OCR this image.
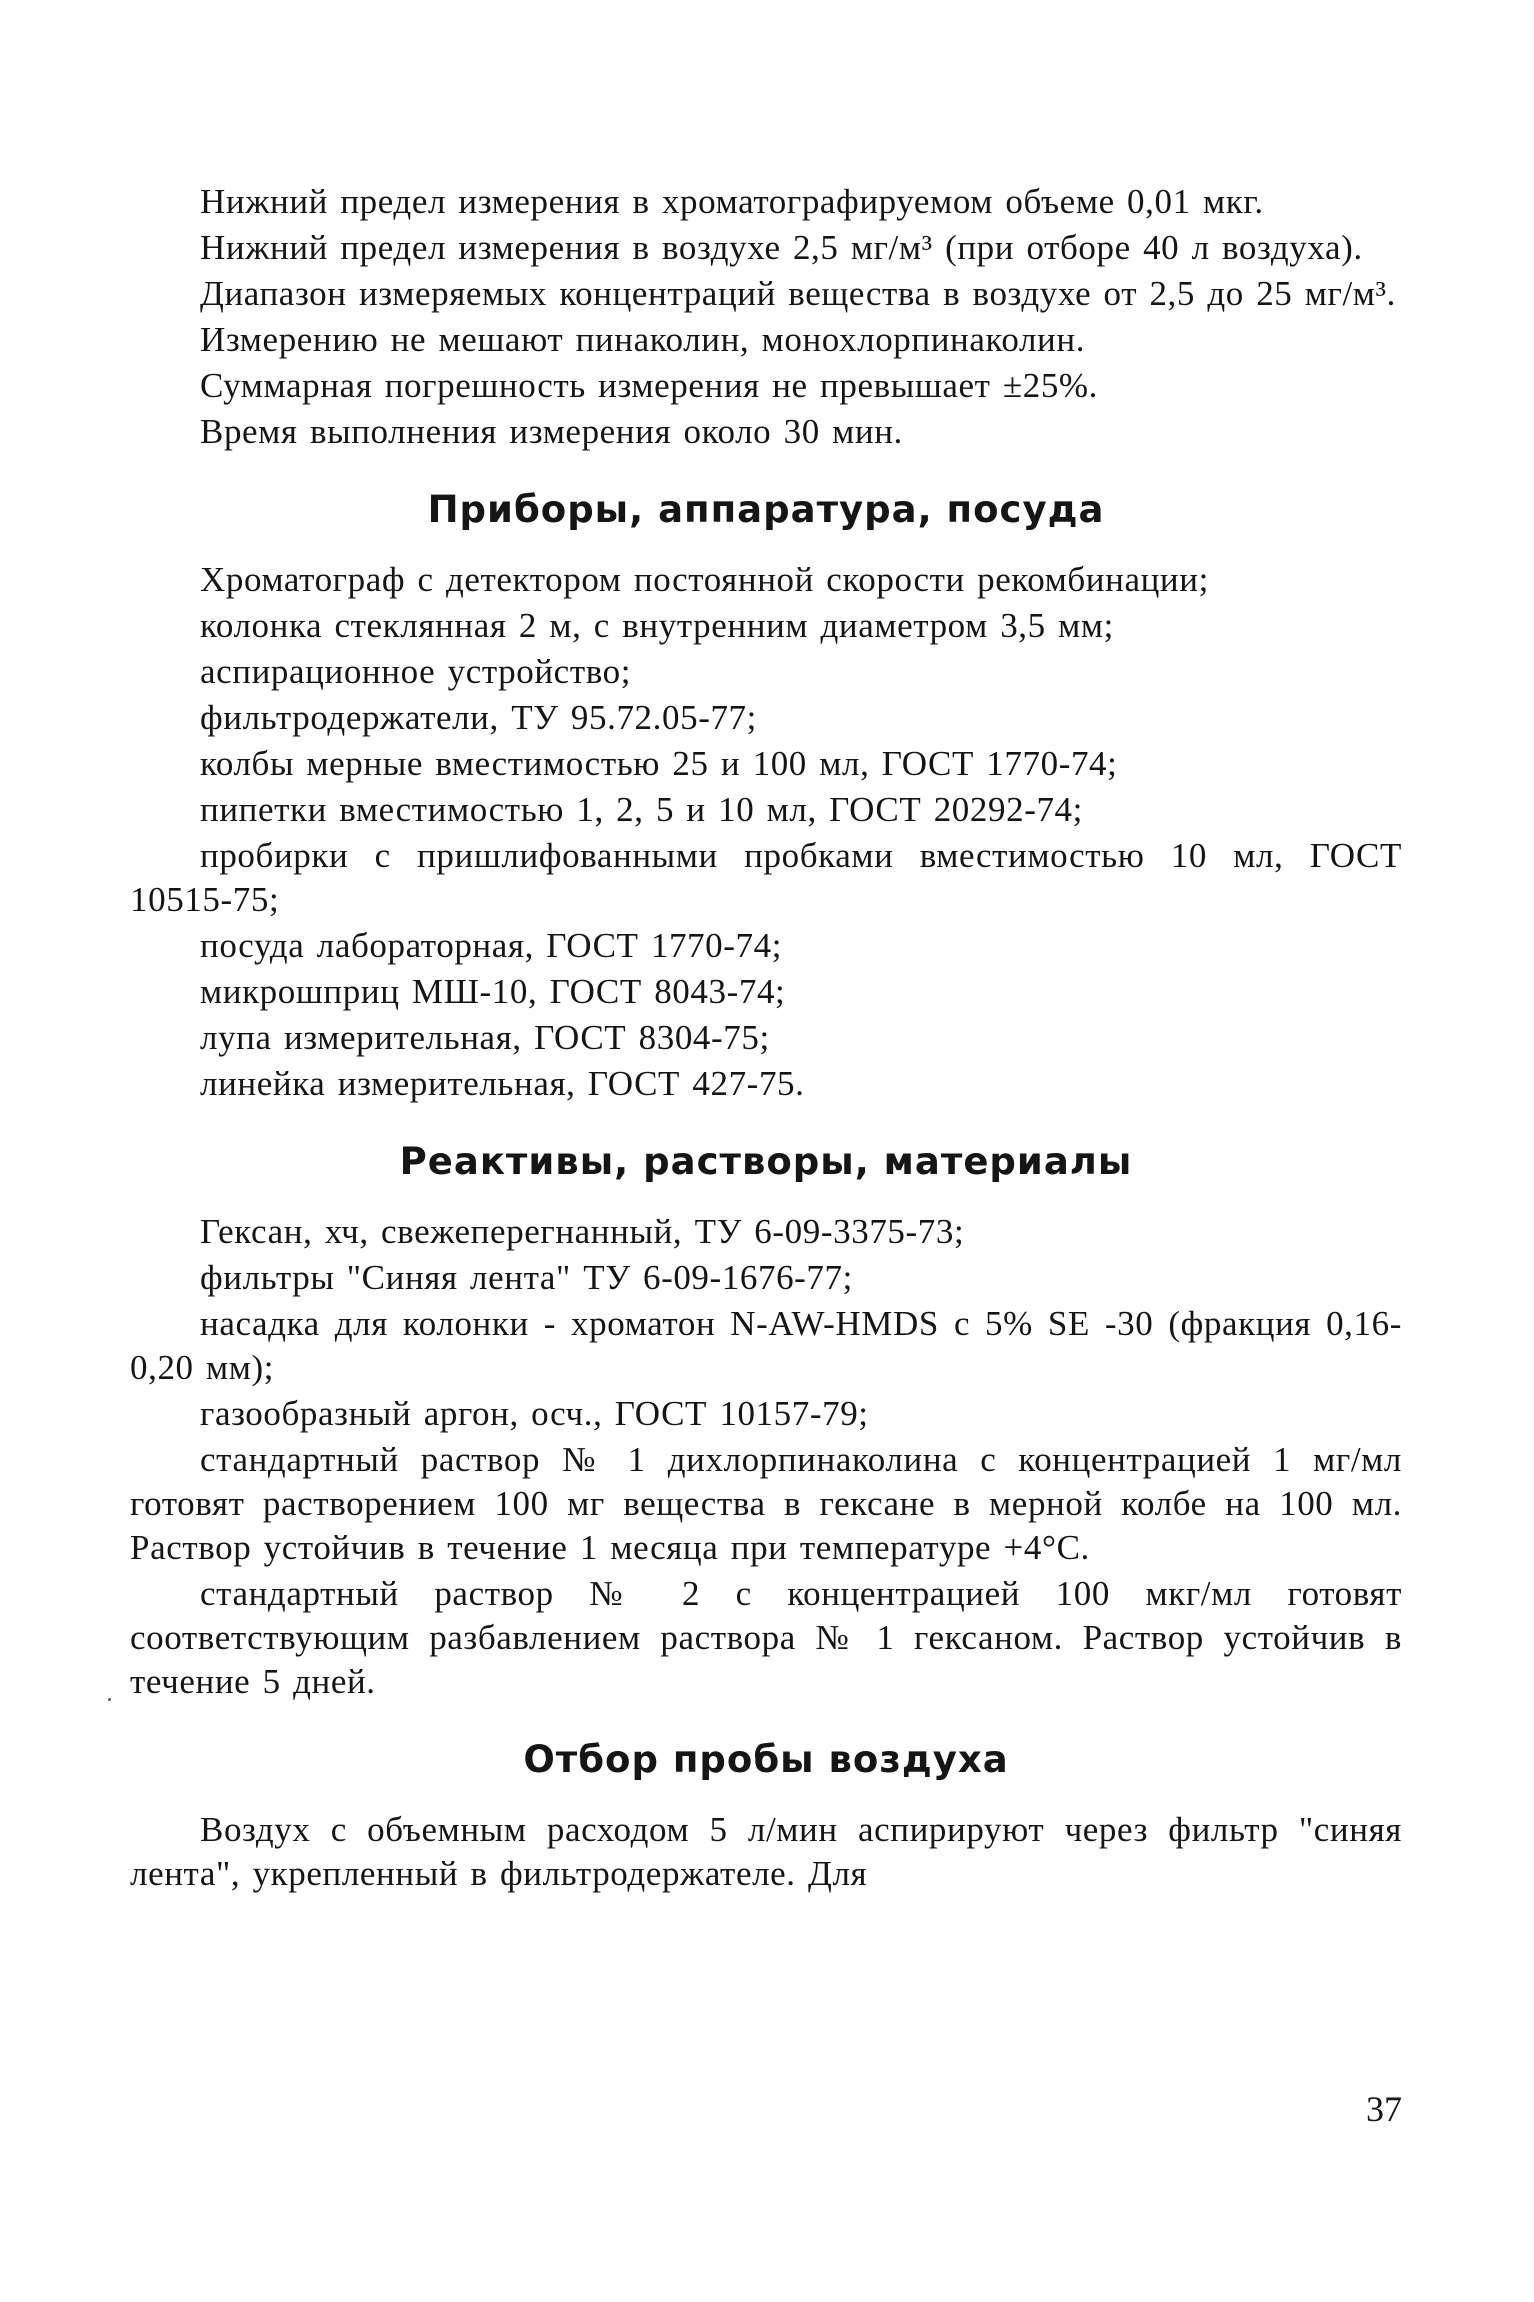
Нижний предел измерения в хроматографируемом объеме 0,01 мкг.

Нижний предел измерения в воздухе 2,5 мг/м³ (при отборе 40 л воздуха).

Диапазон измеряемых концентраций вещества в воздухе от 2,5 до 25 мг/м³.

Измерению не мешают пинаколин, монохлорпинаколин.

Суммарная погрешность измерения не превышает ±25%.

Время выполнения измерения около 30 мин.

Приборы, аппаратура, посуда

Хроматограф с детектором постоянной скорости рекомбинации;

колонка стеклянная 2 м, с внутренним диаметром 3,5 мм;

аспирационное устройство;

фильтродержатели, ТУ 95.72.05-77;

колбы мерные вместимостью 25 и 100 мл, ГОСТ 1770-74;

пипетки вместимостью 1, 2, 5 и 10 мл, ГОСТ 20292-74;

пробирки с пришлифованными пробками вместимостью 10 мл, ГОСТ 10515-75;

посуда лабораторная, ГОСТ 1770-74;

микрошприц МШ-10, ГОСТ 8043-74;

лупа измерительная, ГОСТ 8304-75;

линейка измерительная, ГОСТ 427-75.

Реактивы, растворы, материалы

Гексан, хч, свежеперегнанный, ТУ 6-09-3375-73;

фильтры "Синяя лента" ТУ 6-09-1676-77;

насадка для колонки - хроматон N-AW-HMDS с 5% SE -30 (фракция 0,16-0,20 мм);

газообразный аргон, осч., ГОСТ 10157-79;

стандартный раствор № 1 дихлорпинаколина с концентрацией 1 мг/мл готовят растворением 100 мг вещества в гексане в мерной колбе на 100 мл. Раствор устойчив в течение 1 месяца при температуре +4°С.

стандартный раствор № 2 с концентрацией 100 мкг/мл готовят соответствующим разбавлением раствора № 1 гексаном. Раствор устойчив в течение 5 дней.

Отбор пробы воздуха

Воздух с объемным расходом 5 л/мин аспирируют через фильтр "синяя лента", укрепленный в фильтродержателе. Для

37
